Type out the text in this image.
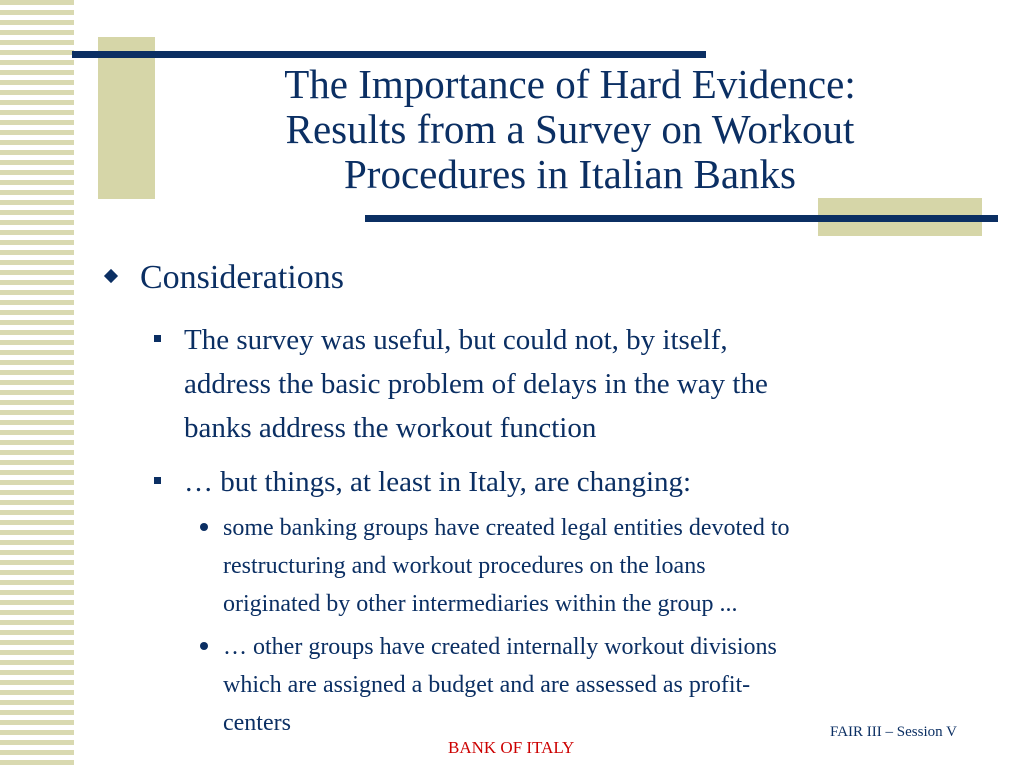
The Importance of Hard Evidence:
Results from a Survey on Workout
Procedures in Italian Banks
Considerations
The survey was useful, but could not, by itself,
address the basic problem of delays in the way the
banks address the workout function
… but things, at least in Italy, are changing:
some banking groups have created legal entities devoted to
restructuring and workout procedures on the loans
originated by other intermediaries within the group ...
… other groups have created internally workout divisions
which are assigned a budget and are assessed as profit-
centers
BANK OF ITALY
FAIR III – Session V
